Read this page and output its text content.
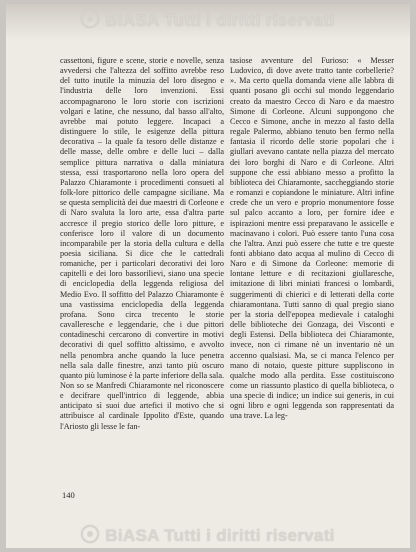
BiASA Tutti i diritti riservati

cassettoni, figure e scene, storie e novelle, senza avvedersi che l'altezza del soffitto avrebbe reso del tutto inutile la minuzia del loro disegno e l'industria delle loro invenzioni. Essi accompagnarono le loro storie con iscrizioni volgari e latine, che nessuno, dal basso all'alto, avrebbe mai potuto leggere. Incapaci a distinguere lo stile, le esigenze della pittura decorativa – la quale fa tesoro delle distanze e delle masse, delle ombre e delle luci – dalla semplice pittura narrativa o dalla miniatura stessa, essi trasportarono nella loro opera del Palazzo Chiaramonte i procedimenti consueti al folk-lore pittorico delle campagne siciliane. Ma se questa semplicità dei due maestri di Corleone e di Naro svaluta la loro arte, essa d'altra parte accresce il pregio storico delle loro pitture, e conferisce loro il valore di un documento incomparabile per la storia della cultura e della poesia siciliana. Si dice che le cattedrali romaniche, per i particolari decorativi dei loro capitelli e dei loro bassorilievi, siano una specie di enciclopedia della leggenda religiosa del Medio Evo. Il soffitto del Palazzo Chiaramonte è una vastissima enciclopedia della leggenda profana. Sono circa trecento le storie cavalleresche e leggendarie, che i due pittori contadineschi cercarono di convertire in motivi decorativi di quel soffitto altissimo, e avvolto nella penombra anche quando la luce penetra nella sala dalle finestre, anzi tanto più oscuro quanto più luminose è la parte inferiore della sala. Non so se Manfredi Chiaramonte nel riconoscere e decifrare quell'intrico di leggende, abbia anticipato sì suoi due artefici il motivo che si attribuisce al cardinale Ippolito d'Este, quando l'Ariosto gli lesse le fan-

tasiose avventure del Furioso: « Messer Ludovico, di dove avete tratto tante corbellerie? ». Ma certo quella domanda viene alle labbra di quanti posano gli occhi sul mondo leggendario creato da maestro Cecco di Naro e da maestro Simone di Corleone. Alcuni suppongono che Cecco e Simone, anche in mezzo al fasto della regale Palermo, abbiano tenuto ben fermo nella fantasia il ricordo delle storie popolari che i giullari avevano cantate nella piazza del mercato dei loro borghi di Naro e di Corleone. Altri suppone che essi abbiano messo a profitto la biblioteca dei Chiaramonte, saccheggiando storie e romanzi e copiandone le miniature. Altri infine crede che un vero e proprio monumentore fosse sul palco accanto a loro, per fornire idee e ispirazioni mentre essi preparavano le assicelle e macinavano i colori. Può essere tanto l'una cosa che l'altra. Anzi può essere che tutte e tre queste fonti abbiano dato acqua al mulino di Cecco di Naro e di Simone da Corleone: memorie di lontane letture e di recitazioni giullaresche, imitazione di libri miniati francesi o lombardi, suggerimenti di chierici e di letterati della corte chiaramontana. Tutti sanno di qual pregio siano per la storia dell'epopea medievale i cataloghi delle biblioteche dei Gonzaga, dei Visconti e degli Estensi. Della biblioteca dei Chiaramonte, invece, non ci rimane nè un inventario nè un accenno qualsiasi. Ma, se ci manca l'elenco per mano di notaio, queste pitture suppliscono in qualche modo alla perdita. Esse costituiscono come un riassunto plastico di quella biblioteca, o una specie di indice; un indice sui generis, in cui ogni libro e ogni leggenda son rappresentati da una trave. La leg-

140
BiASA Tutti i diritti riservati
